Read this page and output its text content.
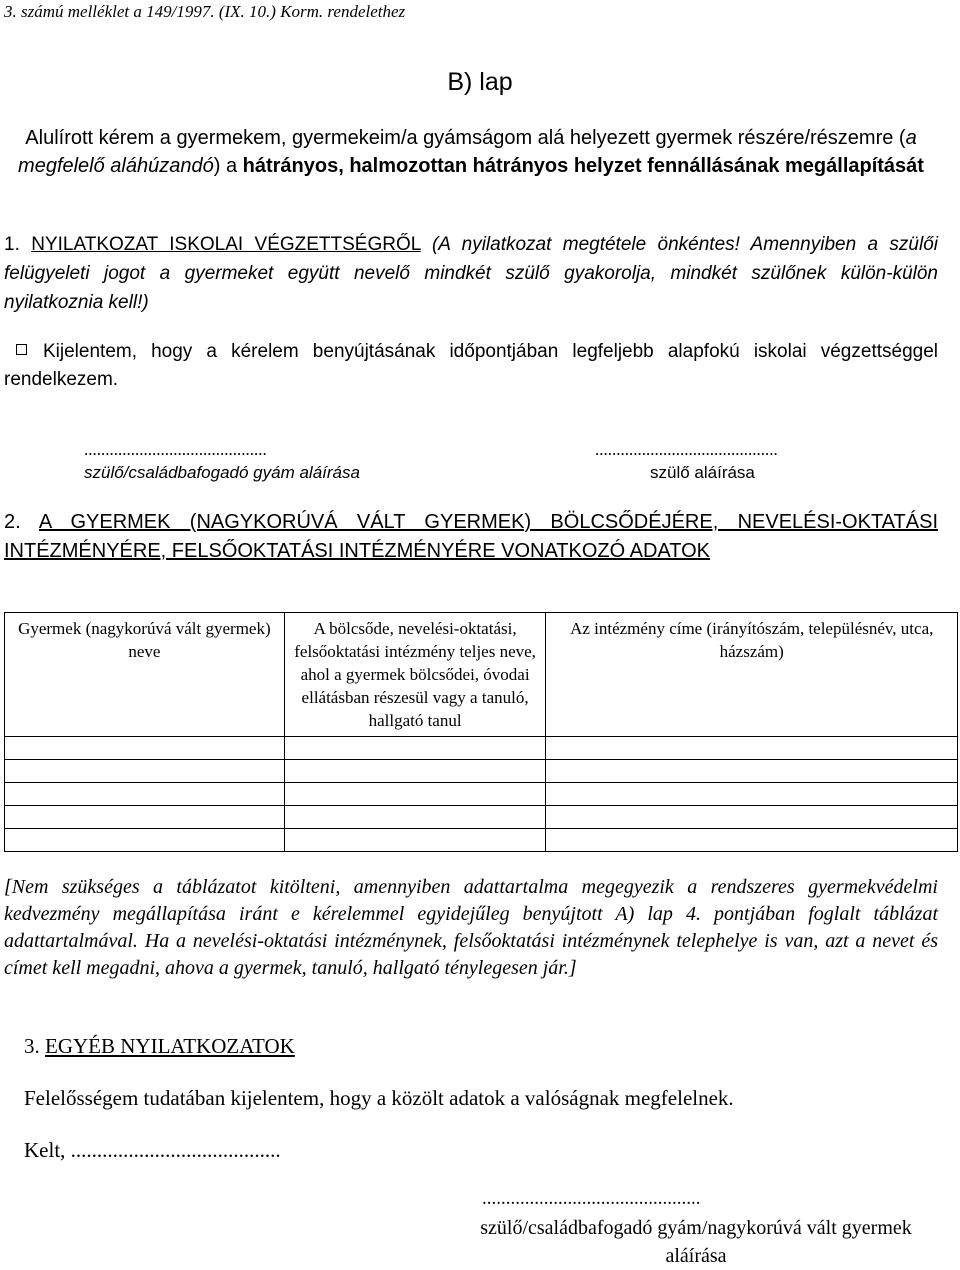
3. számú melléklet a 149/1997. (IX. 10.) Korm. rendelethez
B) lap
Alulírott kérem a gyermekem, gyermekeim/a gyámságom alá helyezett gyermek részére/részemre (a megfelelő aláhúzandó) a hátrányos, halmozottan hátrányos helyzet fennállásának megállapítását
1. NYILATKOZAT ISKOLAI VÉGZETTSÉGRŐL (A nyilatkozat megtétele önkéntes! Amennyiben a szülői felügyeleti jogot a gyermeket együtt nevelő mindkét szülő gyakorolja, mindkét szülőnek külön-külön nyilatkoznia kell!)
Kijelentem, hogy a kérelem benyújtásának időpontjában legfeljebb alapfokú iskolai végzettséggel rendelkezem.
...........................................
szülő/családbafogadó gyám aláírása
...........................................
szülő aláírása
2. A GYERMEK (NAGYKORÚVÁ VÁLT GYERMEK) BÖLCSŐDÉJÉRE, NEVELÉSI-OKTATÁSI INTÉZMÉNYÉRE, FELSŐOKTATÁSI INTÉZMÉNYÉRE VONATKOZÓ ADATOK
Gyermek (nagykorúvá vált gyermek) neve	A bölcsőde, nevelési-oktatási, felsőoktatási intézmény teljes neve, ahol a gyermek bölcsődei, óvodai ellátásban részesül vagy a tanuló, hallgató tanul	Az intézmény címe (irányítószám, településnév, utca, házszám)

[Nem szükséges a táblázatot kitölteni, amennyiben adattartalma megegyezik a rendszeres gyermekvédelmi kedvezmény megállapítása iránt e kérelemmel egyidejűleg benyújtott A) lap 4. pontjában foglalt táblázat adattartalmával. Ha a nevelési-oktatási intézménynek, felsőoktatási intézménynek telephelye is van, azt a nevet és címet kell megadni, ahova a gyermek, tanuló, hallgató ténylegesen jár.]
3. EGYÉB NYILATKOZATOK
Felelősségem tudatában kijelentem, hogy a közölt adatok a valóságnak megfelelnek.
Kelt, ........................................
..............................................
szülő/családbafogadó gyám/nagykorúvá vált gyermek aláírása
